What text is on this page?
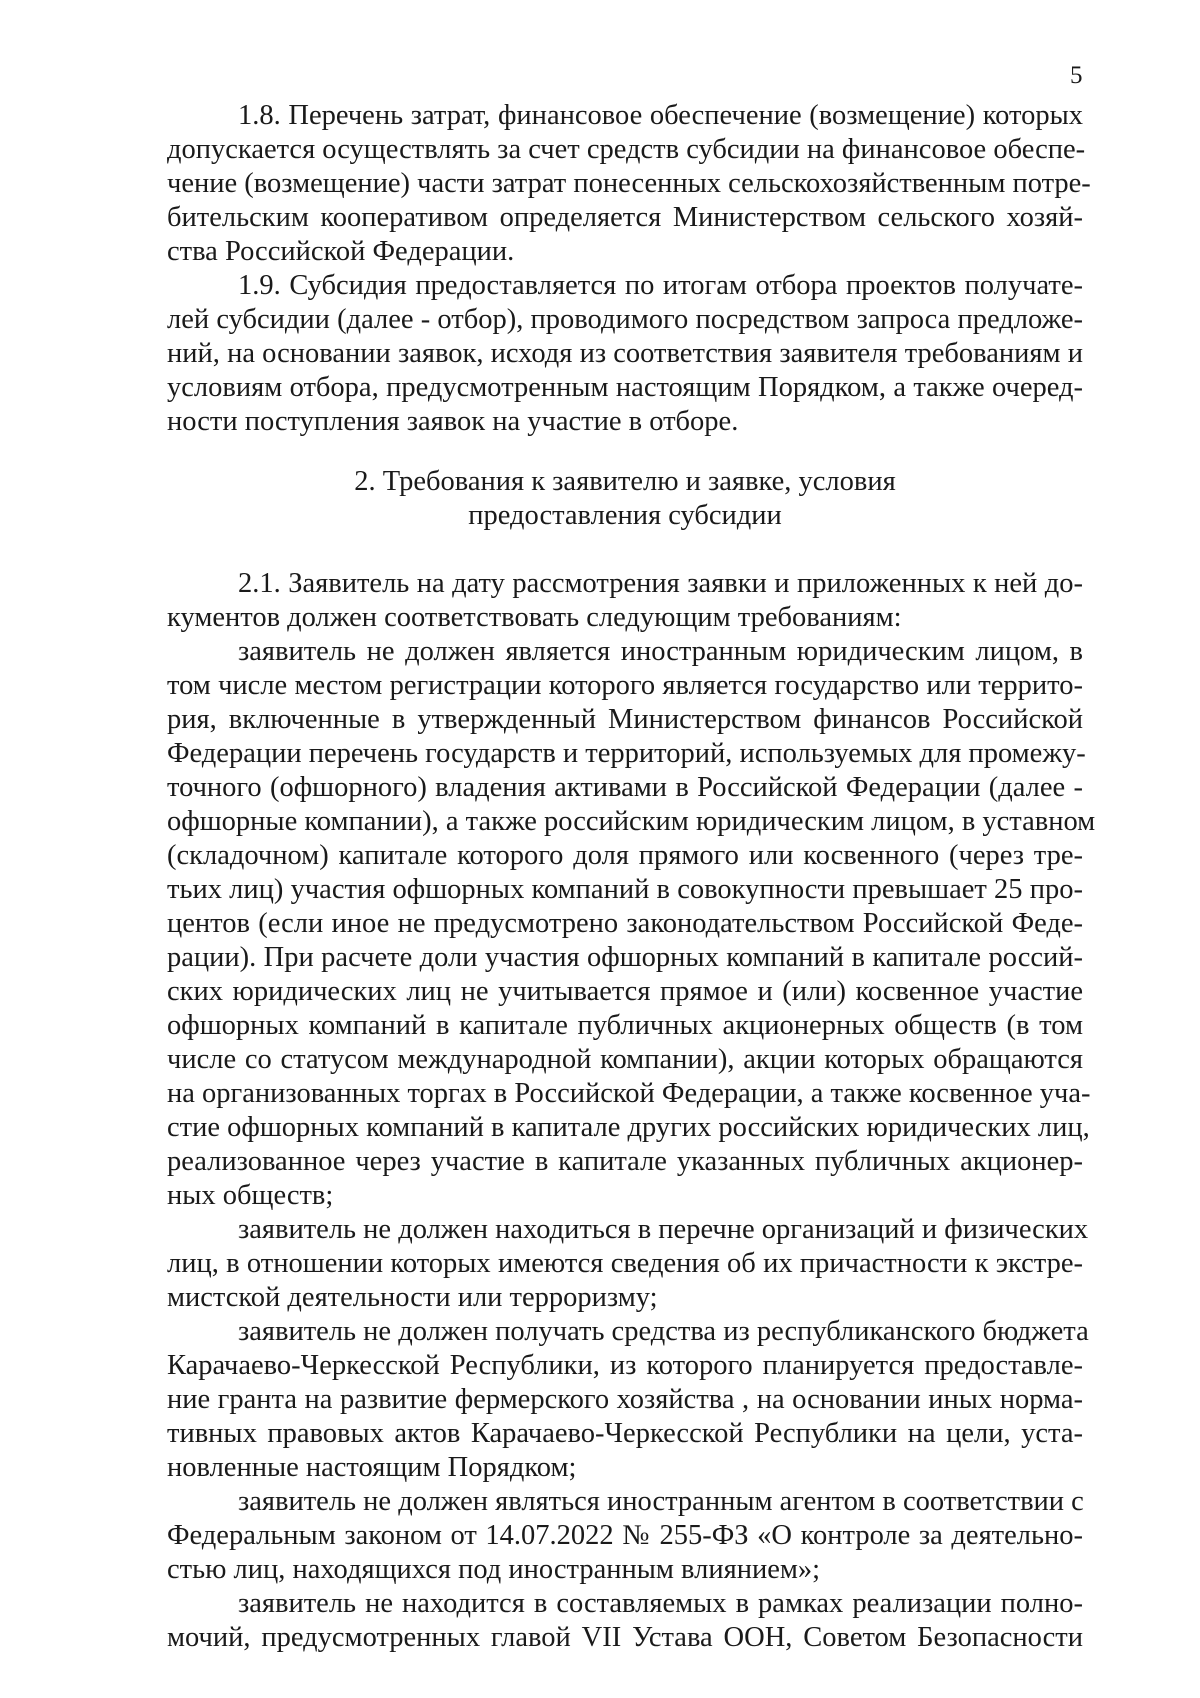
5
1.8. Перечень затрат, финансовое обеспечение (возмещение) которых
допускается осуществлять за счет средств субсидии на финансовое обеспе-
чение (возмещение) части затрат понесенных сельскохозяйственным потре-
бительским кооперативом определяется Министерством сельского хозяй-
ства Российской Федерации.
1.9. Субсидия предоставляется по итогам отбора проектов получате-
лей субсидии (далее - отбор), проводимого посредством запроса предложе-
ний, на основании заявок, исходя из соответствия заявителя требованиям и
условиям отбора, предусмотренным настоящим Порядком, а также очеред-
ности поступления заявок на участие в отборе.
2. Требования к заявителю и заявке, условия
предоставления субсидии
2.1. Заявитель на дату рассмотрения заявки и приложенных к ней до-
кументов должен соответствовать следующим требованиям:
заявитель не должен является иностранным юридическим лицом, в
том числе местом регистрации которого является государство или террито-
рия, включенные в утвержденный Министерством финансов Российской
Федерации перечень государств и территорий, используемых для промежу-
точного (офшорного) владения активами в Российской Федерации (далее -
офшорные компании), а также российским юридическим лицом, в уставном
(складочном) капитале которого доля прямого или косвенного (через тре-
тьих лиц) участия офшорных компаний в совокупности превышает 25 про-
центов (если иное не предусмотрено законодательством Российской Феде-
рации). При расчете доли участия офшорных компаний в капитале россий-
ских юридических лиц не учитывается прямое и (или) косвенное участие
офшорных компаний в капитале публичных акционерных обществ (в том
числе со статусом международной компании), акции которых обращаются
на организованных торгах в Российской Федерации, а также косвенное уча-
стие офшорных компаний в капитале других российских юридических лиц,
реализованное через участие в капитале указанных публичных акционер-
ных обществ;
заявитель не должен находиться в перечне организаций и физических
лиц, в отношении которых имеются сведения об их причастности к экстре-
мистской деятельности или терроризму;
заявитель не должен получать средства из республиканского бюджета
Карачаево-Черкесской Республики, из которого планируется предоставле-
ние гранта на развитие фермерского хозяйства , на основании иных норма-
тивных правовых актов Карачаево-Черкесской Республики на цели, уста-
новленные настоящим Порядком;
заявитель не должен являться иностранным агентом в соответствии с
Федеральным законом от 14.07.2022 № 255-ФЗ «О контроле за деятельно-
стью лиц, находящихся под иностранным влиянием»;
заявитель не находится в составляемых в рамках реализации полно-
мочий, предусмотренных главой VII Устава ООН, Советом Безопасности
